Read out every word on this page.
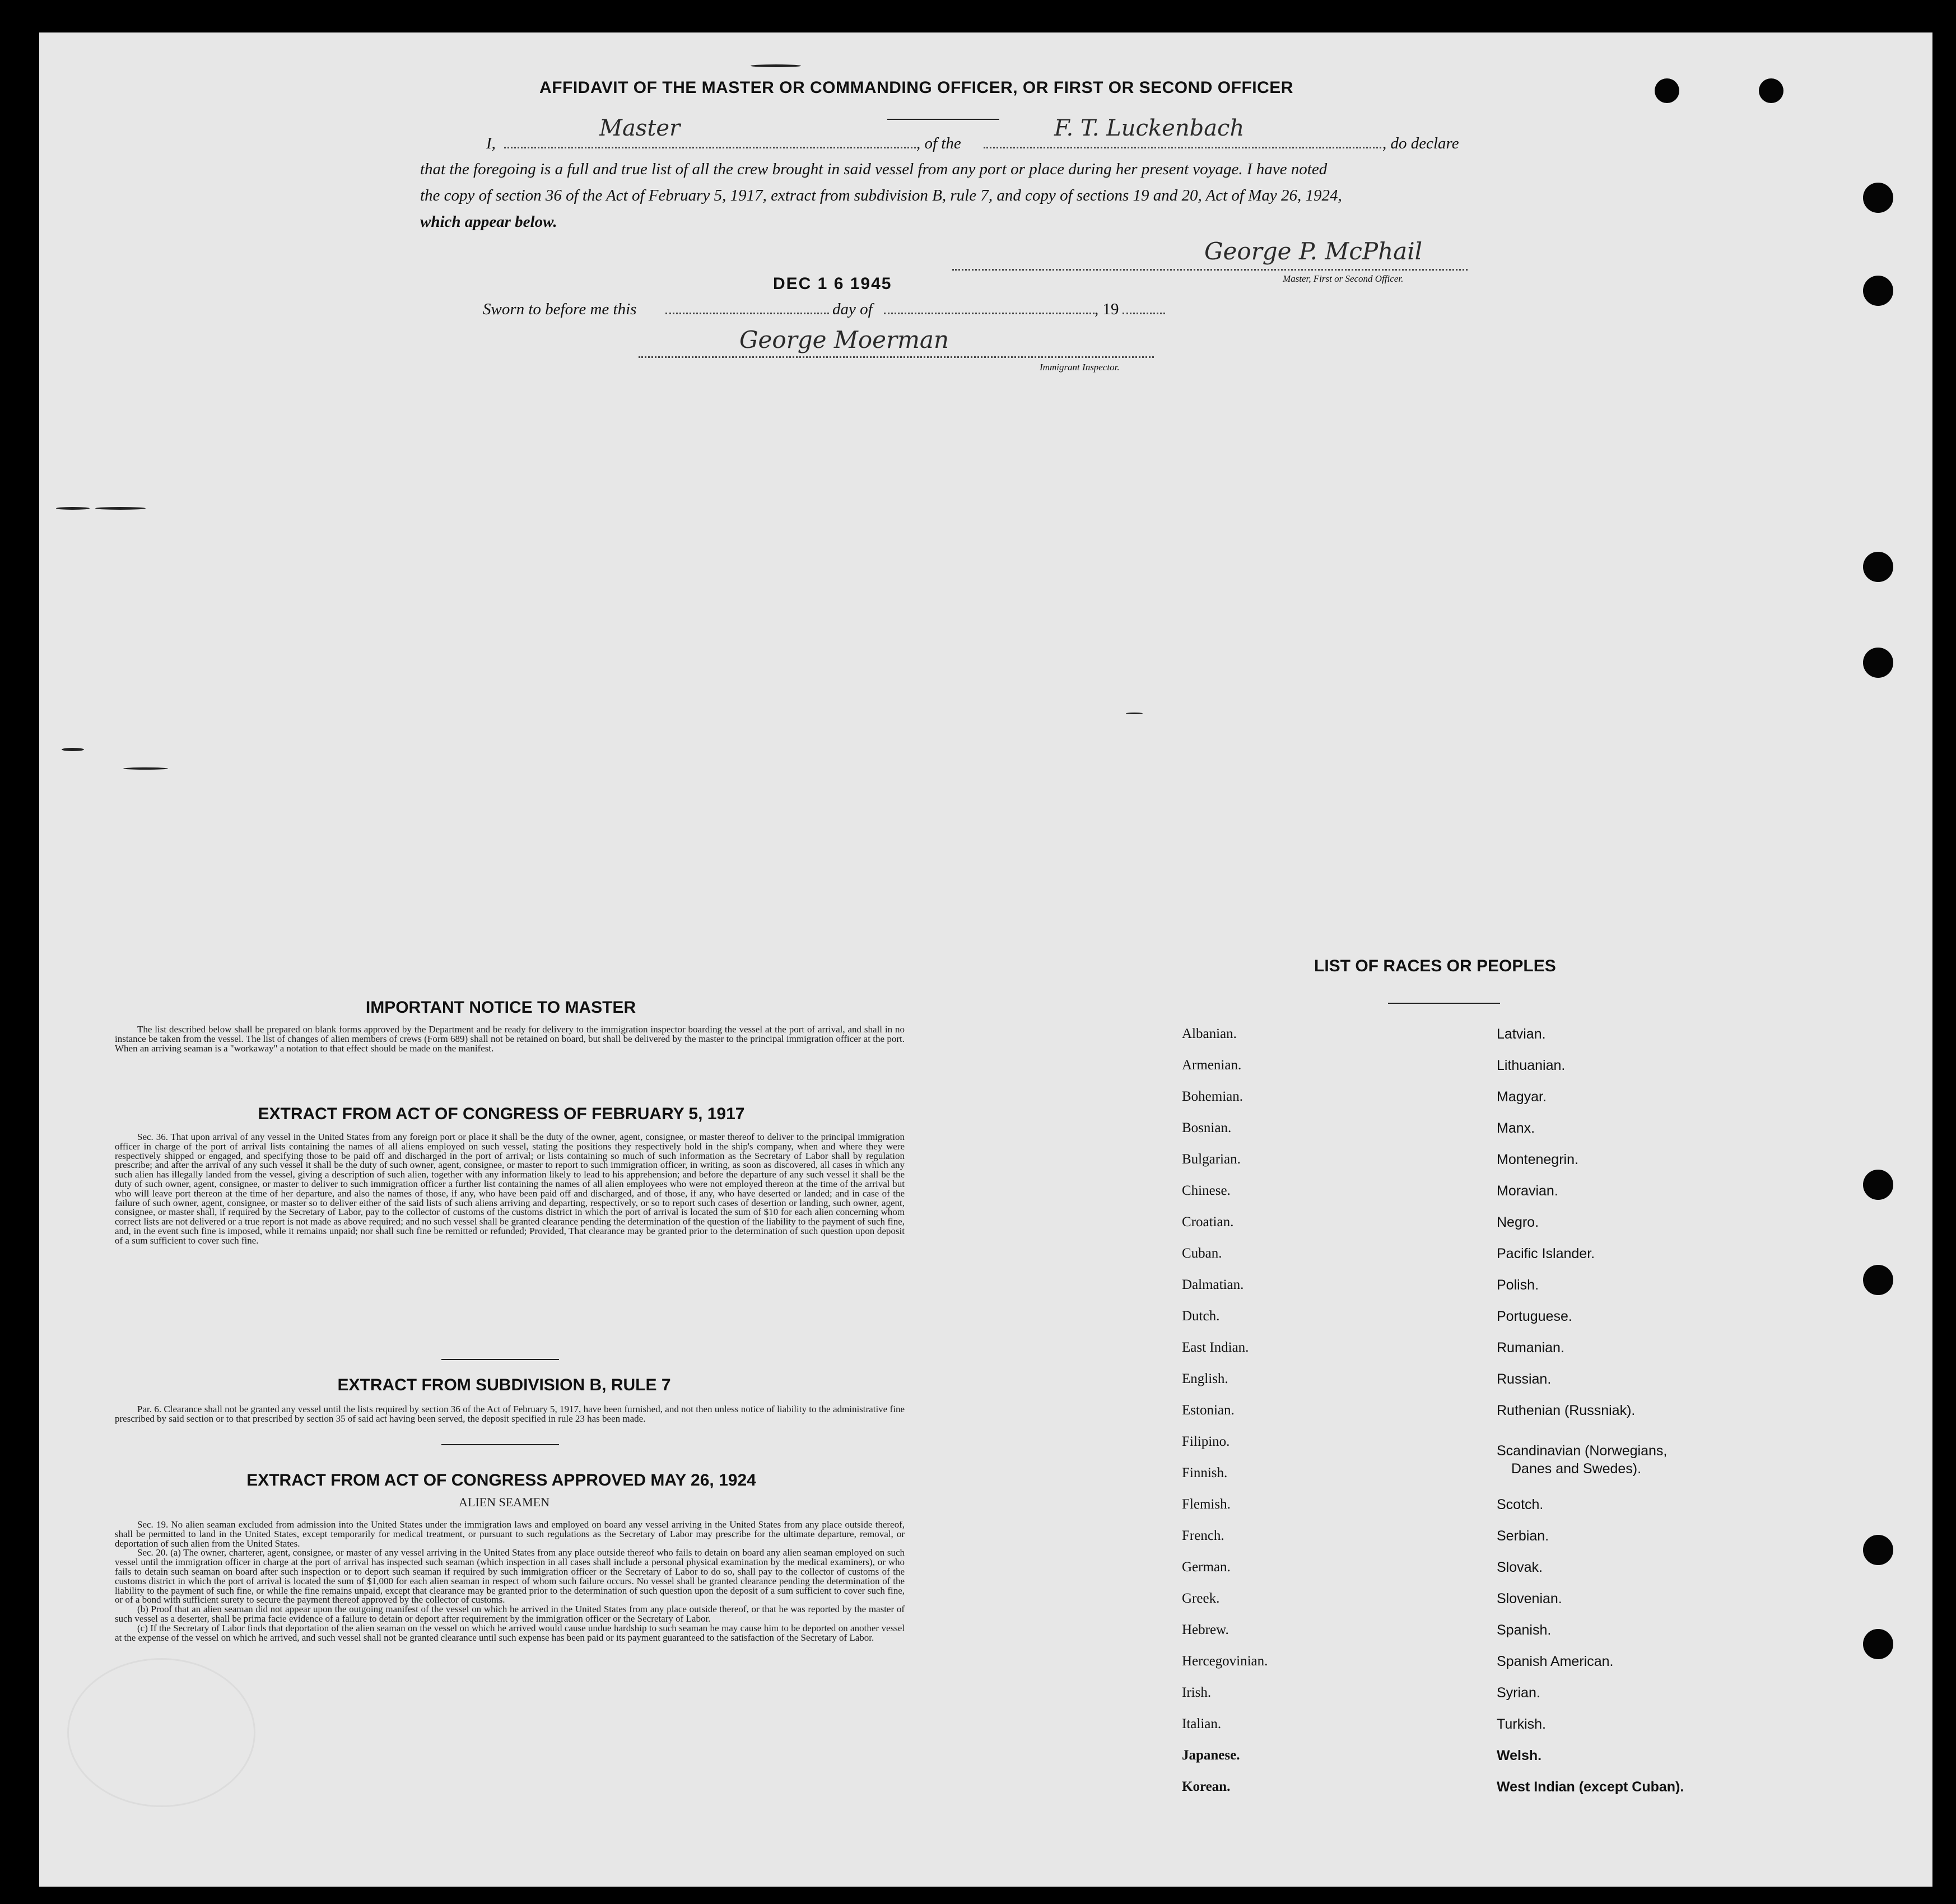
AFFIDAVIT OF THE MASTER OR COMMANDING OFFICER, OR FIRST OR SECOND OFFICER
I,
Master
, of the
F. T. Luckenbach
, do declare
that the foregoing is a full and true list of all the crew brought in said vessel from any port or place during her present voyage. I have noted
the copy of section 36 of the Act of February 5, 1917, extract from subdivision B, rule 7, and copy of sections 19 and 20, Act of May 26, 1924,
which appear below.
George P. McPhail
Master, First or Second Officer.
DEC 1 6 1945
Sworn to before me this	day of	, 19
George Moerman
Immigrant Inspector.
IMPORTANT NOTICE TO MASTER

The list described below shall be prepared on blank forms approved by the Department and be ready for delivery to the immigration inspector boarding the vessel at the port of arrival, and shall in no instance be taken from the vessel. The list of changes of alien members of crews (Form 689) shall not be retained on board, but shall be delivered by the master to the principal immigration officer at the port. When an arriving seaman is a "workaway" a notation to that effect should be made on the manifest.

EXTRACT FROM ACT OF CONGRESS OF FEBRUARY 5, 1917

Sec. 36. That upon arrival of any vessel in the United States from any foreign port or place it shall be the duty of the owner, agent, consignee, or master thereof to deliver to the principal immigration officer in charge of the port of arrival lists containing the names of all aliens employed on such vessel, stating the positions they respectively hold in the ship's company, when and where they were respectively shipped or engaged, and specifying those to be paid off and discharged in the port of arrival; or lists containing so much of such information as the Secretary of Labor shall by regulation prescribe; and after the arrival of any such vessel it shall be the duty of such owner, agent, consignee, or master to report to such immigration officer, in writing, as soon as discovered, all cases in which any such alien has illegally landed from the vessel, giving a description of such alien, together with any information likely to lead to his apprehension; and before the departure of any such vessel it shall be the duty of such owner, agent, consignee, or master to deliver to such immigration officer a further list containing the names of all alien employees who were not employed thereon at the time of the arrival but who will leave port thereon at the time of her departure, and also the names of those, if any, who have been paid off and discharged, and of those, if any, who have deserted or landed; and in case of the failure of such owner, agent, consignee, or master so to deliver either of the said lists of such aliens arriving and departing, respectively, or so to report such cases of desertion or landing, such owner, agent, consignee, or master shall, if required by the Secretary of Labor, pay to the collector of customs of the customs district in which the port of arrival is located the sum of $10 for each alien concerning whom correct lists are not delivered or a true report is not made as above required; and no such vessel shall be granted clearance pending the determination of the question of the liability to the payment of such fine, and, in the event such fine is imposed, while it remains unpaid; nor shall such fine be remitted or refunded; Provided, That clearance may be granted prior to the determination of such question upon deposit of a sum sufficient to cover such fine.

EXTRACT FROM SUBDIVISION B, RULE 7

Par. 6. Clearance shall not be granted any vessel until the lists required by section 36 of the Act of February 5, 1917, have been furnished, and not then unless notice of liability to the administrative fine prescribed by said section or to that prescribed by section 35 of said act having been served, the deposit specified in rule 23 has been made.

EXTRACT FROM ACT OF CONGRESS APPROVED MAY 26, 1924
ALIEN SEAMEN

Sec. 19. No alien seaman excluded from admission into the United States under the immigration laws and employed on board any vessel arriving in the United States from any place outside thereof, shall be permitted to land in the United States, except temporarily for medical treatment, or pursuant to such regulations as the Secretary of Labor may prescribe for the ultimate departure, removal, or deportation of such alien from the United States.

Sec. 20. (a) The owner, charterer, agent, consignee, or master of any vessel arriving in the United States from any place outside thereof who fails to detain on board any alien seaman employed on such vessel until the immigration officer in charge at the port of arrival has inspected such seaman (which inspection in all cases shall include a personal physical examination by the medical examiners), or who fails to detain such seaman on board after such inspection or to deport such seaman if required by such immigration officer or the Secretary of Labor to do so, shall pay to the collector of customs of the customs district in which the port of arrival is located the sum of $1,000 for each alien seaman in respect of whom such failure occurs. No vessel shall be granted clearance pending the determination of the liability to the payment of such fine, or while the fine remains unpaid, except that clearance may be granted prior to the determination of such question upon the deposit of a sum sufficient to cover such fine, or of a bond with sufficient surety to secure the payment thereof approved by the collector of customs.

(b) Proof that an alien seaman did not appear upon the outgoing manifest of the vessel on which he arrived in the United States from any place outside thereof, or that he was reported by the master of such vessel as a deserter, shall be prima facie evidence of a failure to detain or deport after requirement by the immigration officer or the Secretary of Labor.

(c) If the Secretary of Labor finds that deportation of the alien seaman on the vessel on which he arrived would cause undue hardship to such seaman he may cause him to be deported on another vessel at the expense of the vessel on which he arrived, and such vessel shall not be granted clearance until such expense has been paid or its payment guaranteed to the satisfaction of the Secretary of Labor.

LIST OF RACES OR PEOPLES
Albanian.
Armenian.
Bohemian.
Bosnian.
Bulgarian.
Chinese.
Croatian.
Cuban.
Dalmatian.
Dutch.
East Indian.
English.
Estonian.
Filipino.
Finnish.
Flemish.
French.
German.
Greek.
Hebrew.
Hercegovinian.
Irish.
Italian.
Japanese.
Korean.
Latvian.
Lithuanian.
Magyar.
Manx.
Montenegrin.
Moravian.
Negro.
Pacific Islander.
Polish.
Portuguese.
Rumanian.
Russian.
Ruthenian (Russniak).
Scandinavian (Norwegians,
Danes and Swedes).
Scotch.
Serbian.
Slovak.
Slovenian.
Spanish.
Spanish American.
Syrian.
Turkish.
Welsh.
West Indian (except Cuban).
